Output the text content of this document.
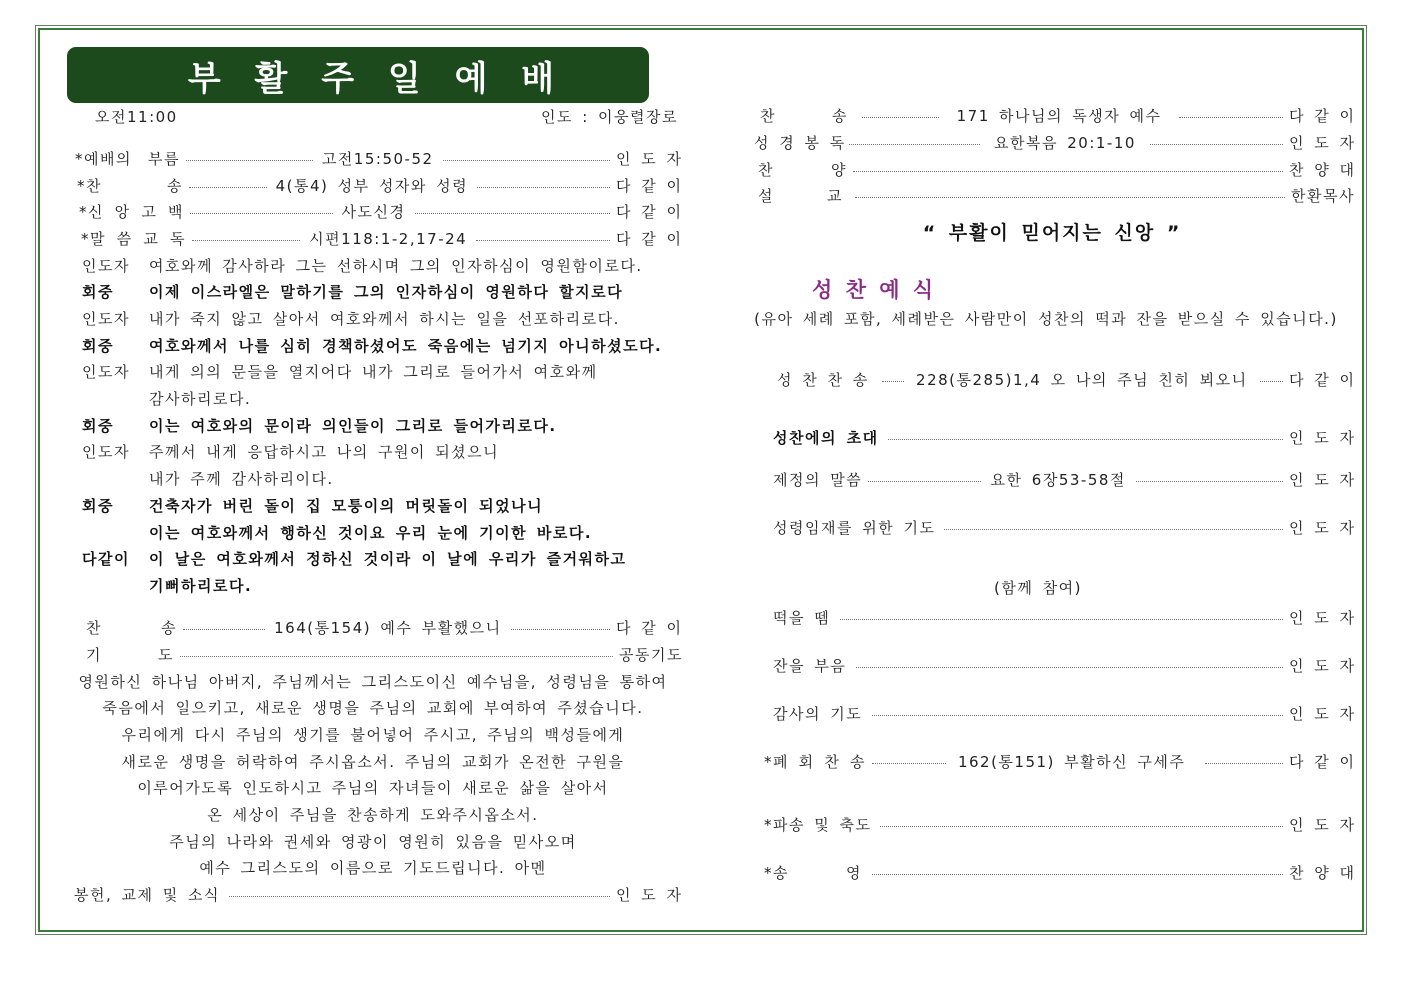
부 활 주 일 예 배
오전11:00	인도 : 이웅렬장로
*예배의 부름	고전15:50-52	인 도 자
*찬 송	4(통4) 성부 성자와 성령	다 같 이
*신 앙 고 백	사도신경	다 같 이
*말 씀 교 독	시편118:1-2,17-24	다 같 이
인도자 여호와께 감사하라 그는 선하시며 그의 인자하심이 영원함이로다.
회중 이제 이스라엘은 말하기를 그의 인자하심이 영원하다 할지로다
인도자 내가 죽지 않고 살아서 여호와께서 하시는 일을 선포하리로다.
회중 여호와께서 나를 심히 경책하셨어도 죽음에는 넘기지 아니하셨도다.
인도자 내게 의의 문들을 열지어다 내가 그리로 들어가서 여호와께
감사하리로다.
회중 이는 여호와의 문이라 의인들이 그리로 들어가리로다.
인도자 주께서 내게 응답하시고 나의 구원이 되셨으니
내가 주께 감사하리이다.
회중 건축자가 버린 돌이 집 모퉁이의 머릿돌이 되었나니
이는 여호와께서 행하신 것이요 우리 눈에 기이한 바로다.
다같이 이 날은 여호와께서 정하신 것이라 이 날에 우리가 즐거워하고
기뻐하리로다.
찬 송	164(통154) 예수 부활했으니	다 같 이
기 도	공동기도
영원하신 하나님 아버지, 주님께서는 그리스도이신 예수님을, 성령님을 통하여
죽음에서 일으키고, 새로운 생명을 주님의 교회에 부여하여 주셨습니다.
우리에게 다시 주님의 생기를 불어넣어 주시고, 주님의 백성들에게
새로운 생명을 허락하여 주시옵소서. 주님의 교회가 온전한 구원을
이루어가도록 인도하시고 주님의 자녀들이 새로운 삶을 살아서
온 세상이 주님을 찬송하게 도와주시옵소서.
주님의 나라와 권세와 영광이 영원히 있음을 믿사오며
예수 그리스도의 이름으로 기도드립니다. 아멘
봉헌, 교제 및 소식	인 도 자
찬 송	171 하나님의 독생자 예수	다 같 이
성 경 봉 독	요한복음 20:1-10	인 도 자
찬 양	찬 양 대
설 교	한환목사
“ 부활이 믿어지는 신앙 ”
성 찬 예 식
(유아 세례 포함, 세례받은 사람만이 성찬의 떡과 잔을 받으실 수 있습니다.)
성 찬 찬 송	228(통285)1,4 오 나의 주님 친히 뵈오니	다 같 이
성찬에의 초대	인 도 자
제정의 말씀	요한 6장53-58절	인 도 자
성령임재를 위한 기도	인 도 자
(함께 참여)
떡을 뗌	인 도 자
잔을 부음	인 도 자
감사의 기도	인 도 자
*폐 회 찬 송	162(통151) 부활하신 구세주	다 같 이
*파송 및 축도	인 도 자
*송 영	찬 양 대
